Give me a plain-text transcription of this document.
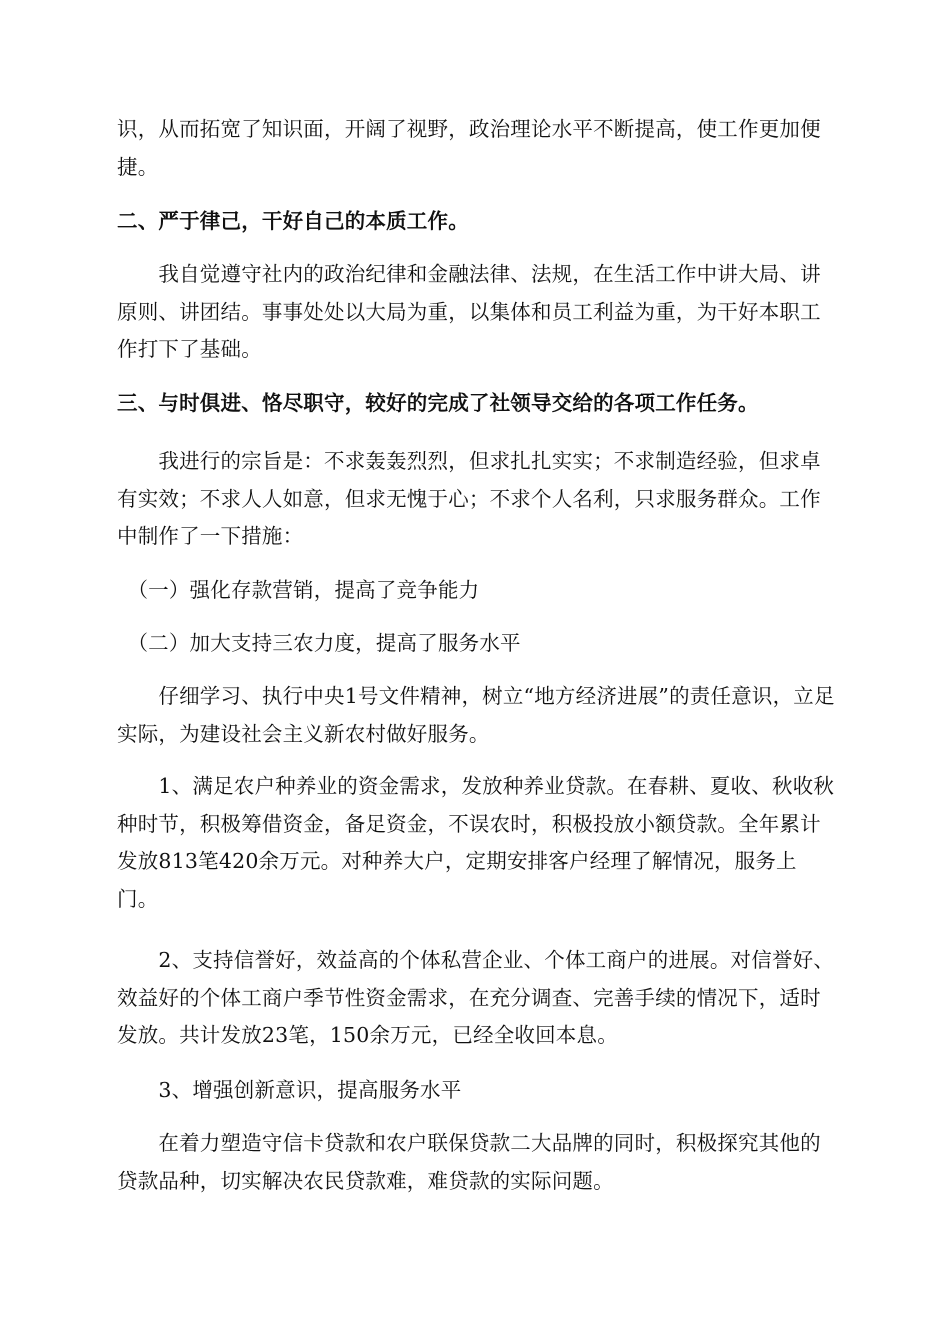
识，从而拓宽了知识面，开阔了视野，政治理论水平不断提高，使工作更加便捷。

二、严于律己，干好自己的本质工作。

　　我自觉遵守社内的政治纪律和金融法律、法规，在生活工作中讲大局、讲原则、讲团结。事事处处以大局为重，以集体和员工利益为重，为干好本职工作打下了基础。

三、与时俱进、恪尽职守，较好的完成了社领导交给的各项工作任务。

　　我进行的宗旨是：不求轰轰烈烈，但求扎扎实实；不求制造经验，但求卓有实效；不求人人如意，但求无愧于心；不求个人名利，只求服务群众。工作中制作了一下措施：

　（一）强化存款营销，提高了竞争能力

　（二）加大支持三农力度，提高了服务水平

　　仔细学习、执行中央1号文件精神，树立“地方经济进展”的责任意识，立足实际，为建设社会主义新农村做好服务。

　　1、满足农户种养业的资金需求，发放种养业贷款。在春耕、夏收、秋收秋种时节，积极筹借资金，备足资金，不误农时，积极投放小额贷款。全年累计发放813笔420余万元。对种养大户，定期安排客户经理了解情况，服务上门。

　　2、支持信誉好，效益高的个体私营企业、个体工商户的进展。对信誉好、效益好的个体工商户季节性资金需求，在充分调查、完善手续的情况下，适时发放。共计发放23笔，150余万元，已经全收回本息。

　　3、增强创新意识，提高服务水平

　　在着力塑造守信卡贷款和农户联保贷款二大品牌的同时，积极探究其他的贷款品种，切实解决农民贷款难，难贷款的实际问题。
